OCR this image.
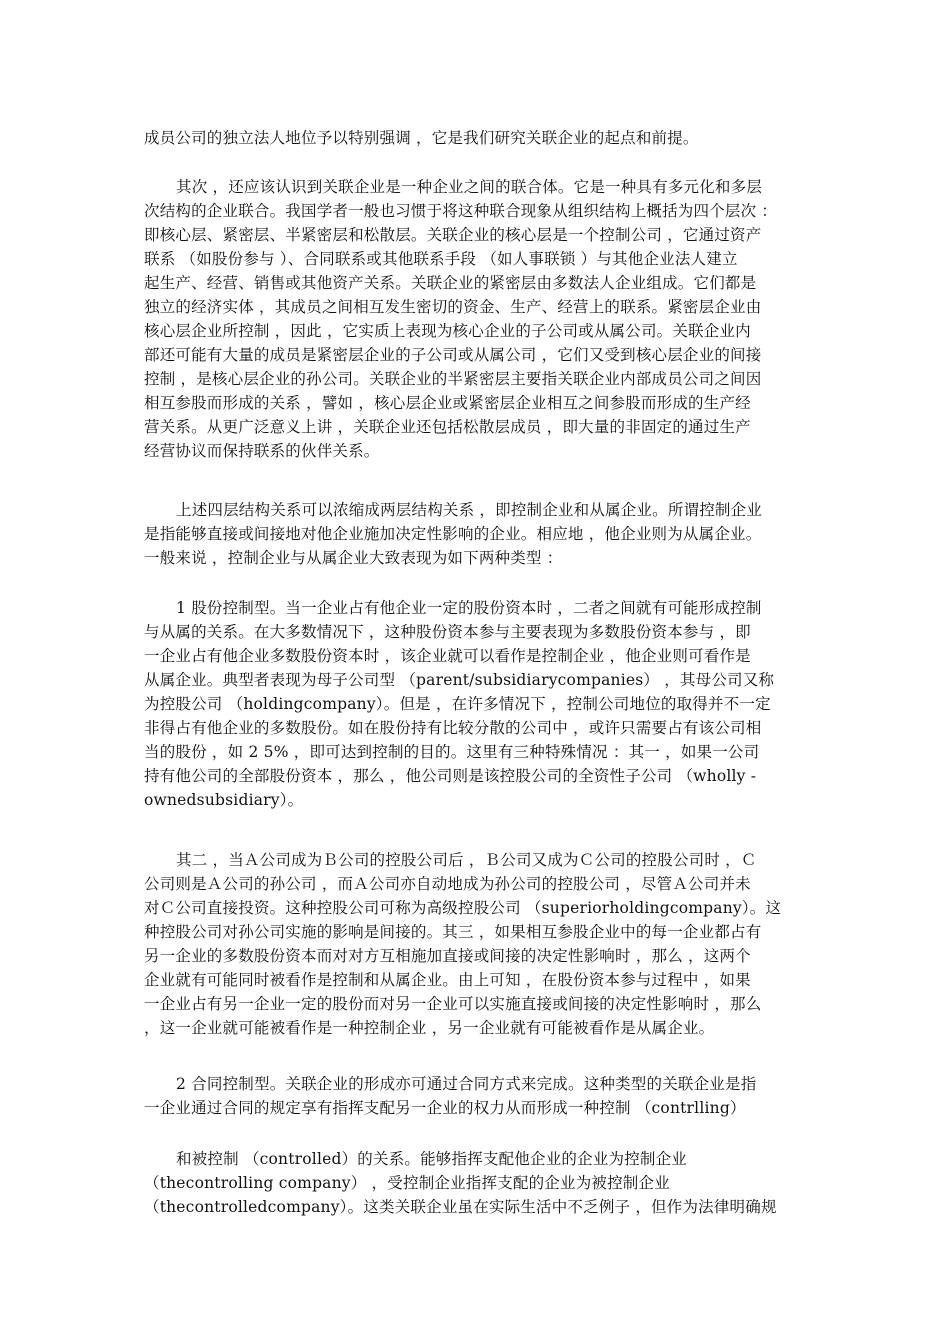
成员公司的独立法人地位予以特别强调 ，它是我们研究关联企业的起点和前提。
其次 ，还应该认识到关联企业是一种企业之间的联合体。它是一种具有多元化和多层
次结构的企业联合。我国学者一般也习惯于将这种联合现象从组织结构上概括为四个层次 ：
即核心层、紧密层、半紧密层和松散层。关联企业的核心层是一个控制公司 ，它通过资产
联系 （如股份参与 ）、合同联系或其他联系手段 （如人事联锁 ）与其他企业法人建立
起生产、经营、销售或其他资产关系。关联企业的紧密层由多数法人企业组成。它们都是
独立的经济实体 ，其成员之间相互发生密切的资金、生产、经营上的联系。紧密层企业由
核心层企业所控制 ，因此 ，它实质上表现为核心企业的子公司或从属公司。关联企业内
部还可能有大量的成员是紧密层企业的子公司或从属公司 ，它们又受到核心层企业的间接
控制 ，是核心层企业的孙公司。关联企业的半紧密层主要指关联企业内部成员公司之间因
相互参股而形成的关系 ，譬如 ，核心层企业或紧密层企业相互之间参股而形成的生产经
营关系。从更广泛意义上讲 ，关联企业还包括松散层成员 ，即大量的非固定的通过生产
经营协议而保持联系的伙伴关系。
上述四层结构关系可以浓缩成两层结构关系 ，即控制企业和从属企业。所谓控制企业
是指能够直接或间接地对他企业施加决定性影响的企业。相应地 ，他企业则为从属企业。
一般来说 ，控制企业与从属企业大致表现为如下两种类型 ：
1 股份控制型。当一企业占有他企业一定的股份资本时 ，二者之间就有可能形成控制
与从属的关系。在大多数情况下 ，这种股份资本参与主要表现为多数股份资本参与 ，即
一企业占有他企业多数股份资本时 ，该企业就可以看作是控制企业 ，他企业则可看作是
从属企业。典型者表现为母子公司型 （parent/subsidiarycompanies） ，其母公司又称
为控股公司 （holdingcompany）。但是 ，在许多情况下 ，控制公司地位的取得并不一定
非得占有他企业的多数股份。如在股份持有比较分散的公司中 ，或许只需要占有该公司相
当的股份 ，如 2 5% ，即可达到控制的目的。这里有三种特殊情况 ：其一 ，如果一公司
持有他公司的全部股份资本 ，那么 ，他公司则是该控股公司的全资性子公司 （wholly -
ownedsubsidiary）。
其二 ，当Ａ公司成为Ｂ公司的控股公司后 ，Ｂ公司又成为Ｃ公司的控股公司时 ，Ｃ
公司则是Ａ公司的孙公司 ，而Ａ公司亦自动地成为孙公司的控股公司 ，尽管Ａ公司并未
对Ｃ公司直接投资。这种控股公司可称为高级控股公司 （superiorholdingcompany）。这
种控股公司对孙公司实施的影响是间接的。其三 ，如果相互参股企业中的每一企业都占有
另一企业的多数股份资本而对对方互相施加直接或间接的决定性影响时 ，那么 ，这两个
企业就有可能同时被看作是控制和从属企业。由上可知 ，在股份资本参与过程中 ，如果
一企业占有另一企业一定的股份而对另一企业可以实施直接或间接的决定性影响时 ，那么
，这一企业就可能被看作是一种控制企业 ，另一企业就有可能被看作是从属企业。
2 合同控制型。关联企业的形成亦可通过合同方式来完成。这种类型的关联企业是指
一企业通过合同的规定享有指挥支配另一企业的权力从而形成一种控制 （contrlling）
和被控制 （controlled）的关系。能够指挥支配他企业的企业为控制企业
（thecontrolling company） ，受控制企业指挥支配的企业为被控制企业
（thecontrolledcompany）。这类关联企业虽在实际生活中不乏例子 ，但作为法律明确规
